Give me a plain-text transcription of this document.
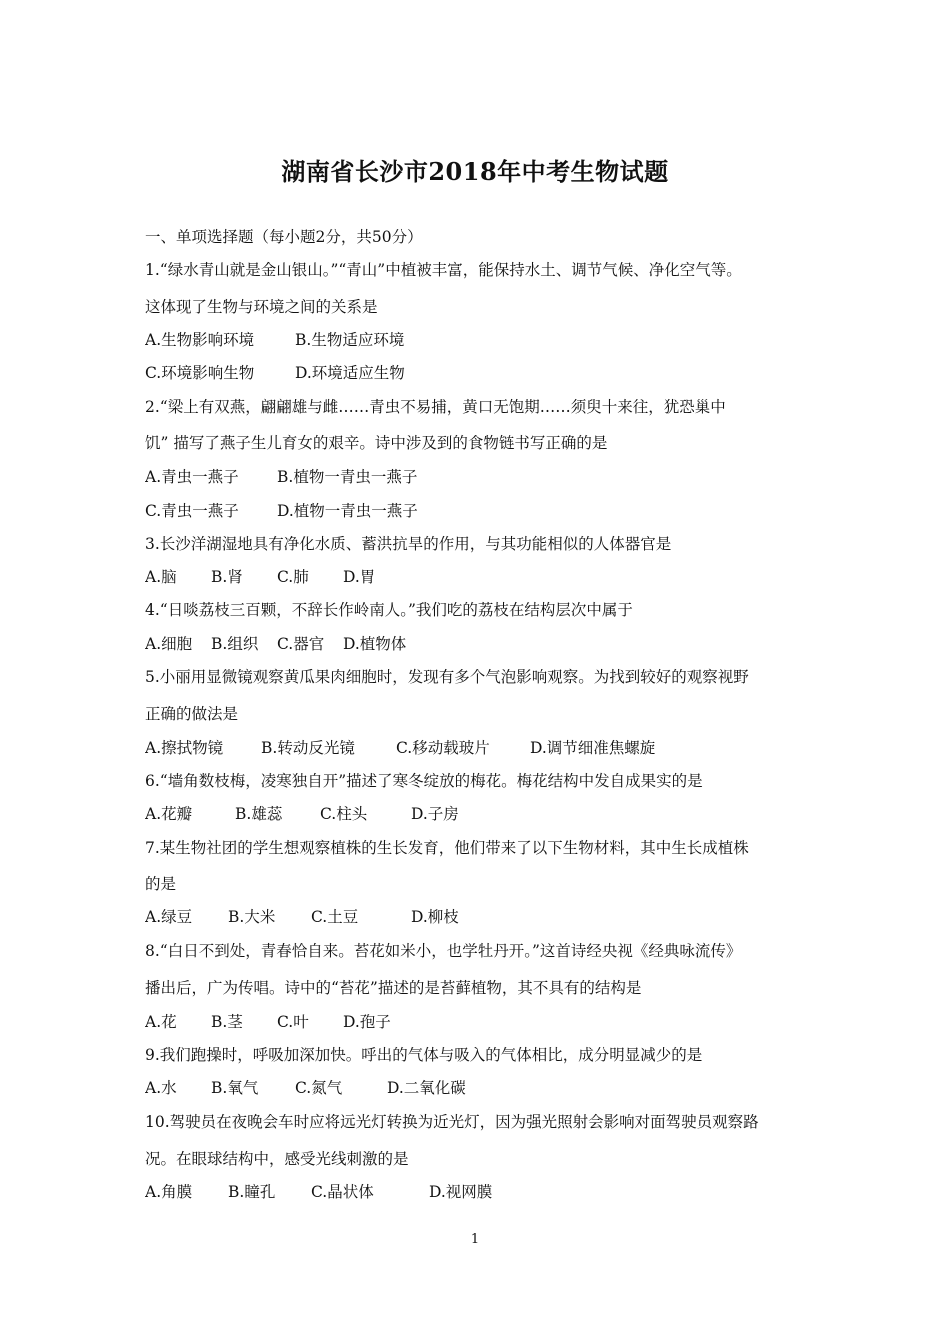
湖南省长沙市2018年中考生物试题
一、单项选择题（每小题2分，共50分）
1.“绿水青山就是金山银山。”“青山”中植被丰富，能保持水土、调节气候、净化空气等。
这体现了生物与环境之间的关系是
A.生物影响环境	B.生物适应环境
C.环境影响生物	D.环境适应生物
2.“梁上有双燕，翩翩雄与雌……青虫不易捕，黄口无饱期……须臾十来往，犹恐巢中
饥” 描写了燕子生儿育女的艰辛。诗中涉及到的食物链书写正确的是
A.青虫一燕子 B.植物一青虫一燕子
C.青虫一燕子 D.植物一青虫一燕子
3.长沙洋湖湿地具有净化水质、蓄洪抗旱的作用，与其功能相似的人体器官是
A.脑 B.肾 C.肺 D.胃
4.“日啖荔枝三百颗，不辞长作岭南人。”我们吃的荔枝在结构层次中属于
A.细胞 B.组织 C.器官 D.植物体
5.小丽用显微镜观察黄瓜果肉细胞时，发现有多个气泡影响观察。为找到较好的观察视野
正确的做法是
A.擦拭物镜 B.转动反光镜	C.移动载玻片	D.调节细准焦螺旋
6.“墙角数枝梅，凌寒独自开”描述了寒冬绽放的梅花。梅花结构中发自成果实的是
A.花瓣	B.雄蕊 C.柱头	D.子房
7.某生物社团的学生想观察植株的生长发育，他们带来了以下生物材料，其中生长成植株
的是
A.绿豆 B.大米 C.土豆	D.柳枝
8.“白日不到处，青春恰自来。苔花如米小，也学牡丹开。”这首诗经央视《经典咏流传》
播出后，广为传唱。诗中的“苔花”描述的是苔藓植物，其不具有的结构是
A.花 B.茎 C.叶 D.孢子
9.我们跑操时，呼吸加深加快。呼出的气体与吸入的气体相比，成分明显减少的是
A.水 B.氧气 C.氮气	D.二氧化碳
10.驾驶员在夜晚会车时应将远光灯转换为近光灯，因为强光照射会影响对面驾驶员观察路
况。在眼球结构中，感受光线刺激的是
A.角膜 B.瞳孔 C.晶状体	D.视网膜
1
